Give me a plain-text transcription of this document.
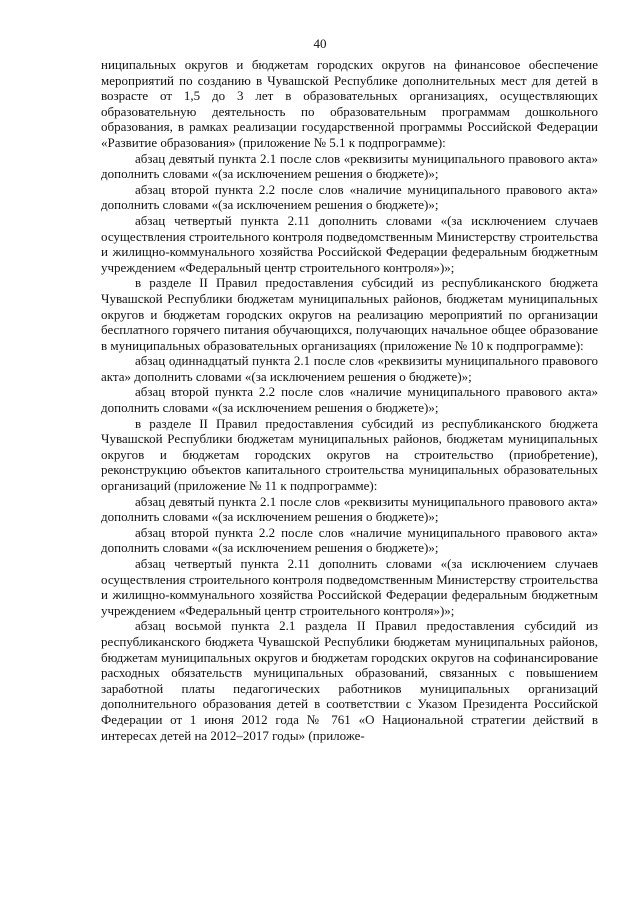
40

ниципальных округов и бюджетам городских округов на финансовое обеспечение мероприятий по созданию в Чувашской Республике дополнительных мест для детей в возрасте от 1,5 до 3 лет в образовательных организациях, осуществляющих образовательную деятельность по образовательным программам дошкольного образования, в рамках реализации государственной программы Российской Федерации «Развитие образования» (приложение № 5.1 к подпрограмме):

абзац девятый пункта 2.1 после слов «реквизиты муниципального правового акта» дополнить словами «(за исключением решения о бюджете)»;

абзац второй пункта 2.2 после слов «наличие муниципального правового акта» дополнить словами «(за исключением решения о бюджете)»;

абзац четвертый пункта 2.11 дополнить словами «(за исключением случаев осуществления строительного контроля подведомственным Министерству строительства и жилищно-коммунального хозяйства Российской Федерации федеральным бюджетным учреждением «Федеральный центр строительного контроля»)»;

в разделе II Правил предоставления субсидий из республиканского бюджета Чувашской Республики бюджетам муниципальных районов, бюджетам муниципальных округов и бюджетам городских округов на реализацию мероприятий по организации бесплатного горячего питания обучающихся, получающих начальное общее образование в муниципальных образовательных организациях (приложение № 10 к подпрограмме):

абзац одиннадцатый пункта 2.1 после слов «реквизиты муниципального правового акта» дополнить словами «(за исключением решения о бюджете)»;

абзац второй пункта 2.2 после слов «наличие муниципального правового акта» дополнить словами «(за исключением решения о бюджете)»;

в разделе II Правил предоставления субсидий из республиканского бюджета Чувашской Республики бюджетам муниципальных районов, бюджетам муниципальных округов и бюджетам городских округов на строительство (приобретение), реконструкцию объектов капитального строительства муниципальных образовательных организаций (приложение № 11 к подпрограмме):

абзац девятый пункта 2.1 после слов «реквизиты муниципального правового акта» дополнить словами «(за исключением решения о бюджете)»;

абзац второй пункта 2.2 после слов «наличие муниципального правового акта» дополнить словами «(за исключением решения о бюджете)»;

абзац четвертый пункта 2.11 дополнить словами «(за исключением случаев осуществления строительного контроля подведомственным Министерству строительства и жилищно-коммунального хозяйства Российской Федерации федеральным бюджетным учреждением «Федеральный центр строительного контроля»)»;

абзац восьмой пункта 2.1 раздела II Правил предоставления субсидий из республиканского бюджета Чувашской Республики бюджетам муниципальных районов, бюджетам муниципальных округов и бюджетам городских округов на софинансирование расходных обязательств муниципальных образований, связанных с повышением заработной платы педагогических работников муниципальных организаций дополнительного образования детей в соответствии с Указом Президента Российской Федерации от 1 июня 2012 года № 761 «О Национальной стратегии действий в интересах детей на 2012–2017 годы» (приложе-
